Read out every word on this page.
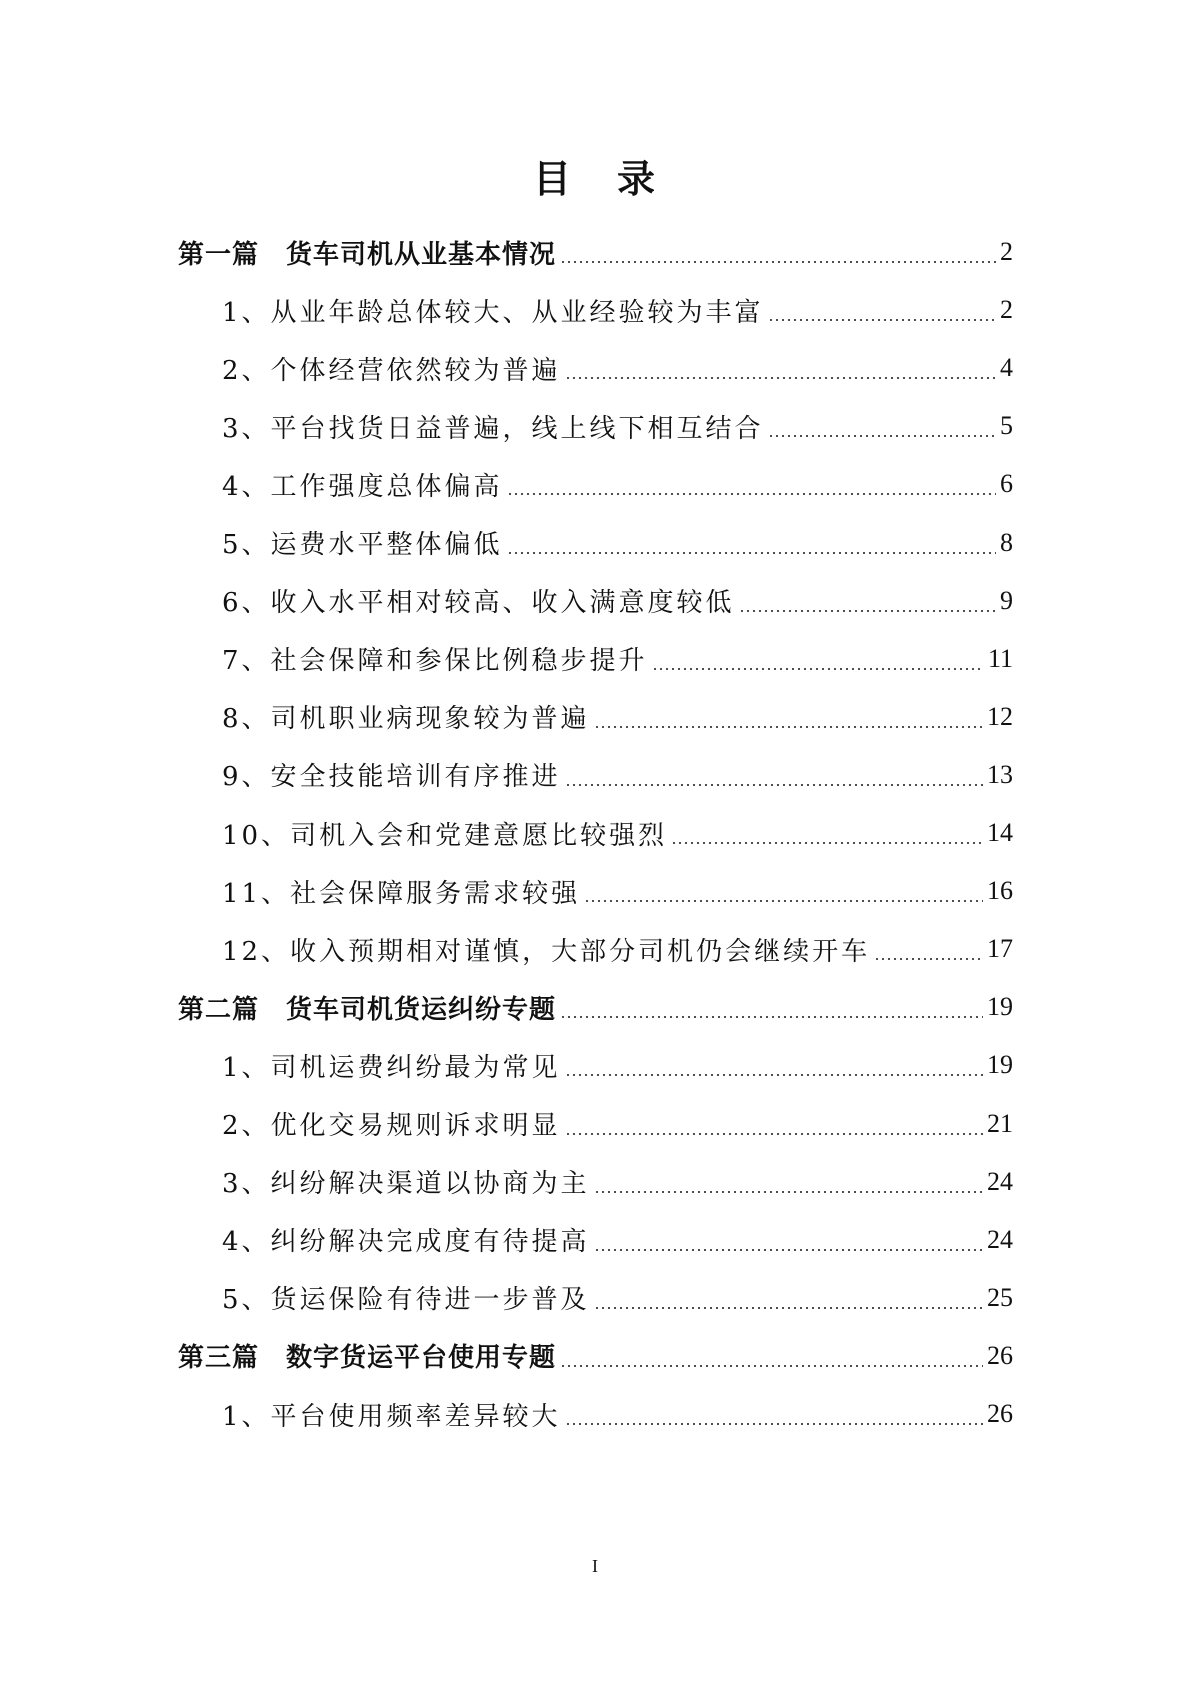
目 录
第一篇　货车司机从业基本情况	2
1、从业年龄总体较大、从业经验较为丰富	2
2、个体经营依然较为普遍	4
3、平台找货日益普遍，线上线下相互结合	5
4、工作强度总体偏高	6
5、运费水平整体偏低	8
6、收入水平相对较高、收入满意度较低	9
7、社会保障和参保比例稳步提升	11
8、司机职业病现象较为普遍	12
9、安全技能培训有序推进	13
10、司机入会和党建意愿比较强烈	14
11、社会保障服务需求较强	16
12、收入预期相对谨慎，大部分司机仍会继续开车	17
第二篇　货车司机货运纠纷专题	19
1、司机运费纠纷最为常见	19
2、优化交易规则诉求明显	21
3、纠纷解决渠道以协商为主	24
4、纠纷解决完成度有待提高	24
5、货运保险有待进一步普及	25
第三篇　数字货运平台使用专题	26
1、平台使用频率差异较大	26
I
